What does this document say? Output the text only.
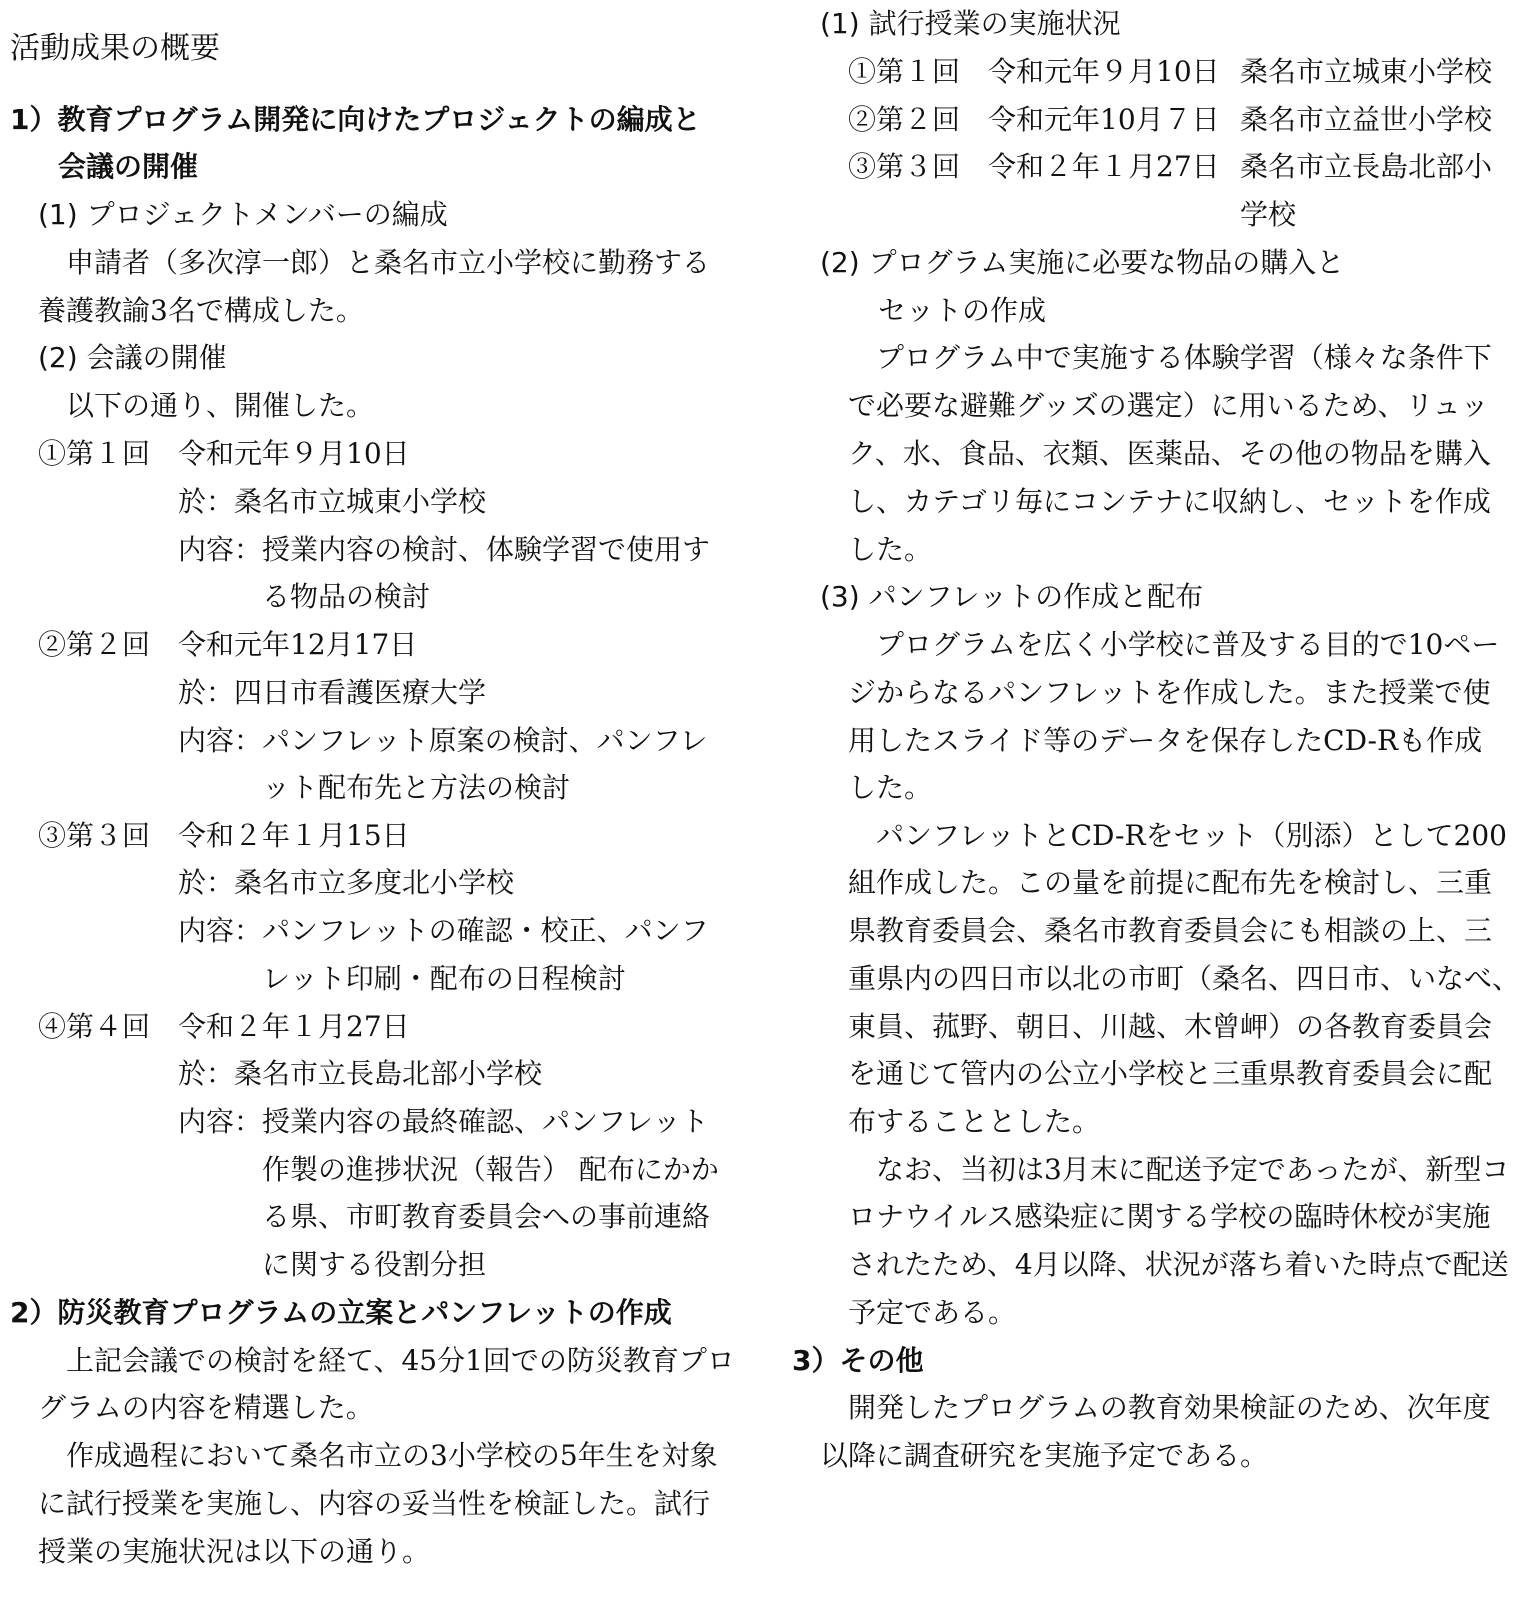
活動成果の概要
1）教育プログラム開発に向けたプロジェクトの編成と
会議の開催
(1) プロジェクトメンバーの編成
申請者（多次淳一郎）と桑名市立小学校に勤務する
養護教諭3名で構成した。
(2) 会議の開催
以下の通り、開催した。
①第１回 令和元年９月10日
於：桑名市立城東小学校
内容：授業内容の検討、体験学習で使用す
る物品の検討
②第２回 令和元年12月17日
於：四日市看護医療大学
内容：パンフレット原案の検討、パンフレ
ット配布先と方法の検討
③第３回 令和２年１月15日
於：桑名市立多度北小学校
内容：パンフレットの確認・校正、パンフ
レット印刷・配布の日程検討
④第４回 令和２年１月27日
於：桑名市立長島北部小学校
内容：授業内容の最終確認、パンフレット
作製の進捗状況（報告） 配布にかか
る県、市町教育委員会への事前連絡
に関する役割分担
2）防災教育プログラムの立案とパンフレットの作成
上記会議での検討を経て、45分1回での防災教育プロ
グラムの内容を精選した。
作成過程において桑名市立の3小学校の5年生を対象
に試行授業を実施し、内容の妥当性を検証した。試行
授業の実施状況は以下の通り。
(1) 試行授業の実施状況
①第１回 令和元年９月10日 桑名市立城東小学校
②第２回 令和元年10月７日 桑名市立益世小学校
③第３回 令和２年１月27日 桑名市立長島北部小
学校
(2) プログラム実施に必要な物品の購入と
セットの作成
プログラム中で実施する体験学習（様々な条件下
で必要な避難グッズの選定）に用いるため、リュッ
ク、水、食品、衣類、医薬品、その他の物品を購入
し、カテゴリ毎にコンテナに収納し、セットを作成
した。
(3) パンフレットの作成と配布
プログラムを広く小学校に普及する目的で10ペー
ジからなるパンフレットを作成した。また授業で使
用したスライド等のデータを保存したCD-Rも作成
した。
パンフレットとCD-Rをセット（別添）として200
組作成した。この量を前提に配布先を検討し、三重
県教育委員会、桑名市教育委員会にも相談の上、三
重県内の四日市以北の市町（桑名、四日市、いなべ、
東員、菰野、朝日、川越、木曾岬）の各教育委員会
を通じて管内の公立小学校と三重県教育委員会に配
布することとした。
なお、当初は3月末に配送予定であったが、新型コ
ロナウイルス感染症に関する学校の臨時休校が実施
されたため、4月以降、状況が落ち着いた時点で配送
予定である。
3）その他
開発したプログラムの教育効果検証のため、次年度
以降に調査研究を実施予定である。
